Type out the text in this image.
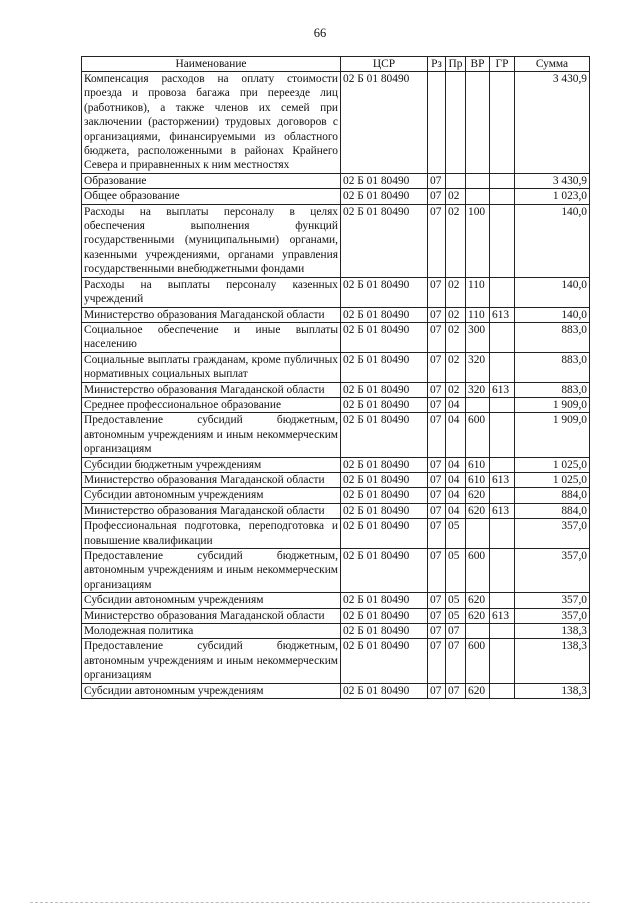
66
Наименование	ЦСР	Рз	Пр	ВР	ГР	Сумма
Компенсация расходов на оплату стоимости проезда и провоза багажа при переезде лиц (работников), а также членов их семей при заключении (расторжении) трудовых договоров с организациями, финансируемыми из областного бюджета, расположенными в районах Крайнего Севера и приравненных к ним местностях	02 Б 01 80490					3 430,9
Образование	02 Б 01 80490	07				3 430,9
Общее образование	02 Б 01 80490	07	02			1 023,0
Расходы на выплаты персоналу в целях обеспечения выполнения функций государственными (муниципальными) органами, казенными учреждениями, органами управления государственными внебюджетными фондами	02 Б 01 80490	07	02	100		140,0
Расходы на выплаты персоналу казенных учреждений	02 Б 01 80490	07	02	110		140,0
Министерство образования Магаданской области	02 Б 01 80490	07	02	110	613	140,0
Социальное обеспечение и иные выплаты населению	02 Б 01 80490	07	02	300		883,0
Социальные выплаты гражданам, кроме публичных нормативных социальных выплат	02 Б 01 80490	07	02	320		883,0
Министерство образования Магаданской области	02 Б 01 80490	07	02	320	613	883,0
Среднее профессиональное образование	02 Б 01 80490	07	04			1 909,0
Предоставление субсидий бюджетным, автономным учреждениям и иным некоммерческим организациям	02 Б 01 80490	07	04	600		1 909,0
Субсидии бюджетным учреждениям	02 Б 01 80490	07	04	610		1 025,0
Министерство образования Магаданской области	02 Б 01 80490	07	04	610	613	1 025,0
Субсидии автономным учреждениям	02 Б 01 80490	07	04	620		884,0
Министерство образования Магаданской области	02 Б 01 80490	07	04	620	613	884,0
Профессиональная подготовка, переподготовка и повышение квалификации	02 Б 01 80490	07	05			357,0
Предоставление субсидий бюджетным, автономным учреждениям и иным некоммерческим организациям	02 Б 01 80490	07	05	600		357,0
Субсидии автономным учреждениям	02 Б 01 80490	07	05	620		357,0
Министерство образования Магаданской области	02 Б 01 80490	07	05	620	613	357,0
Молодежная политика	02 Б 01 80490	07	07			138,3
Предоставление субсидий бюджетным, автономным учреждениям и иным некоммерческим организациям	02 Б 01 80490	07	07	600		138,3
Субсидии автономным учреждениям	02 Б 01 80490	07	07	620		138,3
